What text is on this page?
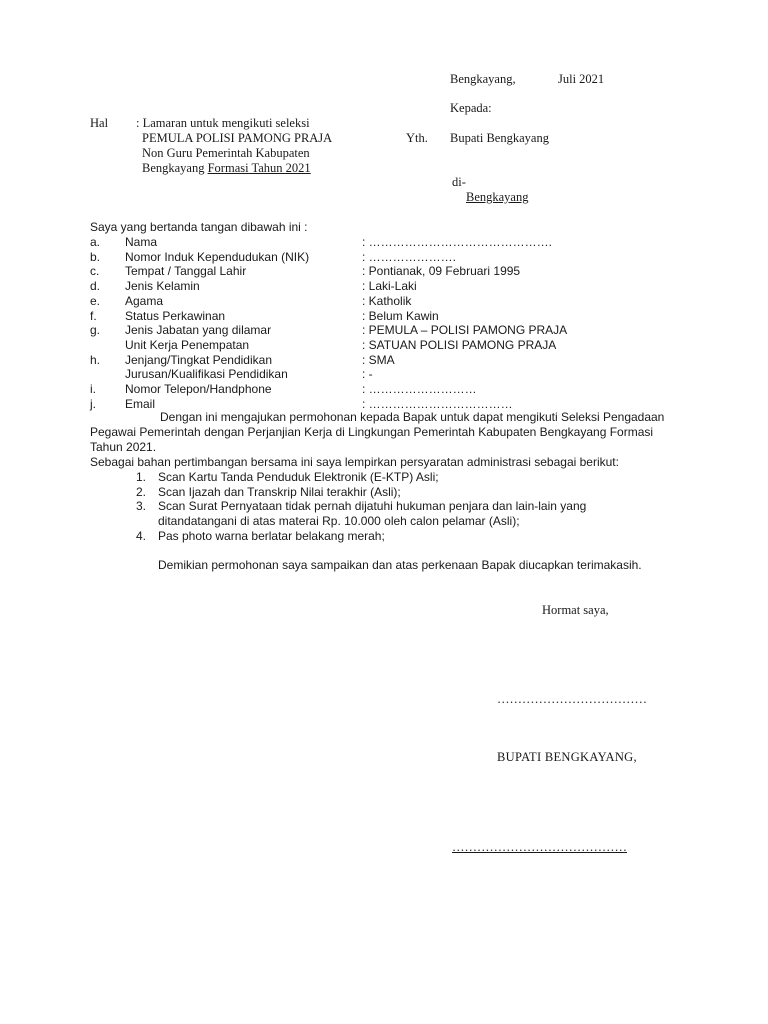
Bengkayang,	Juli 2021
Kepada:
Yth. Bupati Bengkayang
di-
Bengkayang
Hal : Lamaran untuk mengikuti seleksi
PEMULA POLISI PAMONG PRAJA
Non Guru Pemerintah Kabupaten
Bengkayang Formasi Tahun 2021
Saya yang bertanda tangan dibawah ini :
a. Nama	: ……………………………………….
b. Nomor Induk Kependudukan (NIK)	: ………………….
c. Tempat / Tanggal Lahir	: Pontianak, 09 Februari 1995
d. Jenis Kelamin	: Laki-Laki
e. Agama	: Katholik
f. Status Perkawinan	: Belum Kawin
g. Jenis Jabatan yang dilamar	: PEMULA – POLISI PAMONG PRAJA
Unit Kerja Penempatan	: SATUAN POLISI PAMONG PRAJA
h. Jenjang/Tingkat Pendidikan	: SMA
Jurusan/Kualifikasi Pendidikan	: -
i. Nomor Telepon/Handphone	: ………………………
j. Email	: ………………………………
Dengan ini mengajukan permohonan kepada Bapak untuk dapat mengikuti Seleksi Pengadaan
Pegawai Pemerintah dengan Perjanjian Kerja di Lingkungan Pemerintah Kabupaten Bengkayang Formasi
Tahun 2021.
Sebagai bahan pertimbangan bersama ini saya lempirkan persyaratan administrasi sebagai berikut:
1. Scan Kartu Tanda Penduduk Elektronik (E-KTP) Asli;
2. Scan Ijazah dan Transkrip Nilai terakhir (Asli);
3. Scan Surat Pernyataan tidak pernah dijatuhi hukuman penjara dan lain-lain yang
ditandatangani di atas materai Rp. 10.000 oleh calon pelamar (Asli);
4. Pas photo warna berlatar belakang merah;
Demikian permohonan saya sampaikan dan atas perkenaan Bapak diucapkan terimakasih.
Hormat saya,
………………………………
BUPATI BENGKAYANG,
……………………………………
